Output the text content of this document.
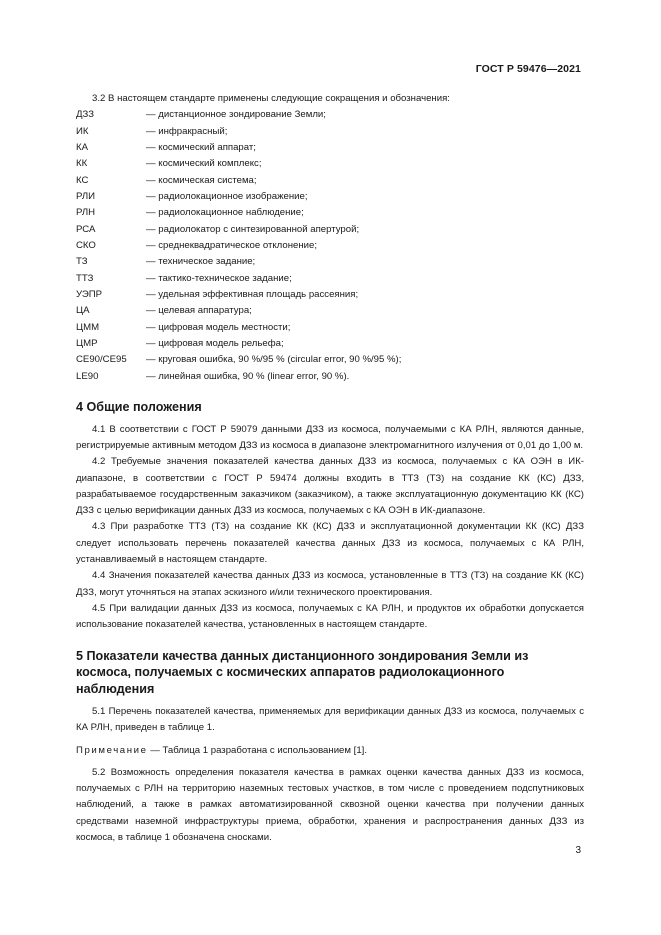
ГОСТ Р 59476—2021

3.2 В настоящем стандарте применены следующие сокращения и обозначения:

ДЗЗ	— дистанционное зондирование Земли;
ИК	— инфракрасный;
КА	— космический аппарат;
КК	— космический комплекс;
КС	— космическая система;
РЛИ	— радиолокационное изображение;
РЛН	— радиолокационное наблюдение;
РСА	— радиолокатор с синтезированной апертурой;
СКО	— среднеквадратическое отклонение;
ТЗ	— техническое задание;
ТТЗ	— тактико-техническое задание;
УЭПР	— удельная эффективная площадь рассеяния;
ЦА	— целевая аппаратура;
ЦММ	— цифровая модель местности;
ЦМР	— цифровая модель рельефа;
CE90/CE95	— круговая ошибка, 90 %/95 % (circular error, 90 %/95 %);
LE90	— линейная ошибка, 90 % (linear error, 90 %).
4 Общие положения

4.1 В соответствии с ГОСТ Р 59079 данными ДЗЗ из космоса, получаемыми с КА РЛН, являются данные, регистрируемые активным методом ДЗЗ из космоса в диапазоне электромагнитного излучения от 0,01 до 1,00 м.

4.2 Требуемые значения показателей качества данных ДЗЗ из космоса, получаемых с КА ОЭН в ИК-диапазоне, в соответствии с ГОСТ Р 59474 должны входить в ТТЗ (ТЗ) на создание КК (КС) ДЗЗ, разрабатываемое государственным заказчиком (заказчиком), а также эксплуатационную документацию КК (КС) ДЗЗ с целью верификации данных ДЗЗ из космоса, получаемых с КА ОЭН в ИК-диапазоне.

4.3 При разработке ТТЗ (ТЗ) на создание КК (КС) ДЗЗ и эксплуатационной документации КК (КС) ДЗЗ следует использовать перечень показателей качества данных ДЗЗ из космоса, получаемых с КА РЛН, устанавливаемый в настоящем стандарте.

4.4 Значения показателей качества данных ДЗЗ из космоса, установленные в ТТЗ (ТЗ) на создание КК (КС) ДЗЗ, могут уточняться на этапах эскизного и/или технического проектирования.

4.5 При валидации данных ДЗЗ из космоса, получаемых с КА РЛН, и продуктов их обработки допускается использование показателей качества, установленных в настоящем стандарте.

5 Показатели качества данных дистанционного зондирования Земли из космоса, получаемых с космических аппаратов радиолокационного наблюдения

5.1 Перечень показателей качества, применяемых для верификации данных ДЗЗ из космоса, получаемых с КА РЛН, приведен в таблице 1.

Примечание — Таблица 1 разработана с использованием [1].

5.2 Возможность определения показателя качества в рамках оценки качества данных ДЗЗ из космоса, получаемых с РЛН на территорию наземных тестовых участков, в том числе с проведением подспутниковых наблюдений, а также в рамках автоматизированной сквозной оценки качества при получении данных средствами наземной инфраструктуры приема, обработки, хранения и распространения данных ДЗЗ из космоса, в таблице 1 обозначена сносками.

3
